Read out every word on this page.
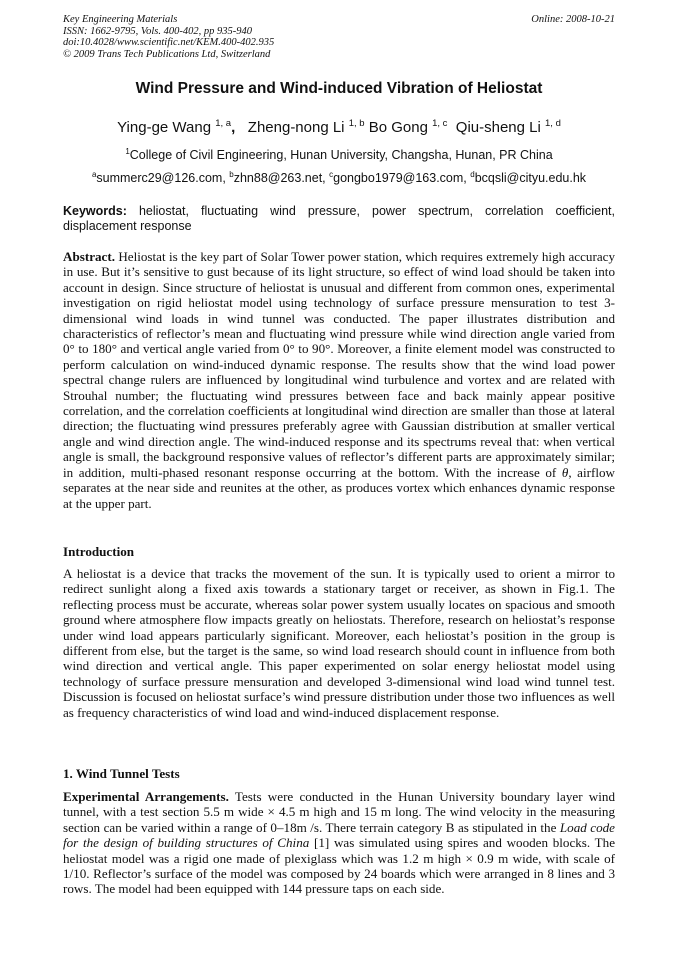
Key Engineering Materials
ISSN: 1662-9795, Vols. 400-402, pp 935-940
doi:10.4028/www.scientific.net/KEM.400-402.935
© 2009 Trans Tech Publications Ltd, Switzerland
Online: 2008-10-21
Wind Pressure and Wind-induced Vibration of Heliostat
Ying-ge Wang $^{1, a}$, Zheng-nong Li $^{1, b}$ Bo Gong $^{1, c}$ Qiu-sheng Li $^{1, d}$
$^1$College of Civil Engineering, Hunan University, Changsha, Hunan, PR China
$^a$summerc29@126.com, $^b$zhn88@263.net, $^c$gongbo1979@163.com, $^d$bcqsli@cityu.edu.hk
Keywords: heliostat, fluctuating wind pressure, power spectrum, correlation coefficient, displacement response
Abstract. Heliostat is the key part of Solar Tower power station, which requires extremely high accuracy in use. But it’s sensitive to gust because of its light structure, so effect of wind load should be taken into account in design. Since structure of heliostat is unusual and different from common ones, experimental investigation on rigid heliostat model using technology of surface pressure mensuration to test 3-dimensional wind loads in wind tunnel was conducted. The paper illustrates distribution and characteristics of reflector’s mean and fluctuating wind pressure while wind direction angle varied from 0° to 180° and vertical angle varied from 0° to 90°. Moreover, a finite element model was constructed to perform calculation on wind-induced dynamic response. The results show that the wind load power spectral change rulers are influenced by longitudinal wind turbulence and vortex and are related with Strouhal number; the fluctuating wind pressures between face and back mainly appear positive correlation, and the correlation coefficients at longitudinal wind direction are smaller than those at lateral direction; the fluctuating wind pressures preferably agree with Gaussian distribution at smaller vertical angle and wind direction angle. The wind-induced response and its spectrums reveal that: when vertical angle is small, the background responsive values of reflector’s different parts are approximately similar; in addition, multi-phased resonant response occurring at the bottom. With the increase of θ, airflow separates at the near side and reunites at the other, as produces vortex which enhances dynamic response at the upper part.
Introduction
A heliostat is a device that tracks the movement of the sun. It is typically used to orient a mirror to redirect sunlight along a fixed axis towards a stationary target or receiver, as shown in Fig.1. The reflecting process must be accurate, whereas solar power system usually locates on spacious and smooth ground where atmosphere flow impacts greatly on heliostats. Therefore, research on heliostat’s response under wind load appears particularly significant. Moreover, each heliostat’s position in the group is different from else, but the target is the same, so wind load research should count in influence from both wind direction and vertical angle. This paper experimented on solar energy heliostat model using technology of surface pressure mensuration and developed 3-dimensional wind load wind tunnel test. Discussion is focused on heliostat surface’s wind pressure distribution under those two influences as well as frequency characteristics of wind load and wind-induced displacement response.
1. Wind Tunnel Tests
Experimental Arrangements. Tests were conducted in the Hunan University boundary layer wind tunnel, with a test section 5.5 m wide × 4.5 m high and 15 m long. The wind velocity in the measuring section can be varied within a range of 0–18m /s. There terrain category B as stipulated in the Load code for the design of building structures of China [1] was simulated using spires and wooden blocks. The heliostat model was a rigid one made of plexiglass which was 1.2 m high × 0.9 m wide, with scale of 1/10. Reflector’s surface of the model was composed by 24 boards which were arranged in 8 lines and 3 rows. The model had been equipped with 144 pressure taps on each side.
